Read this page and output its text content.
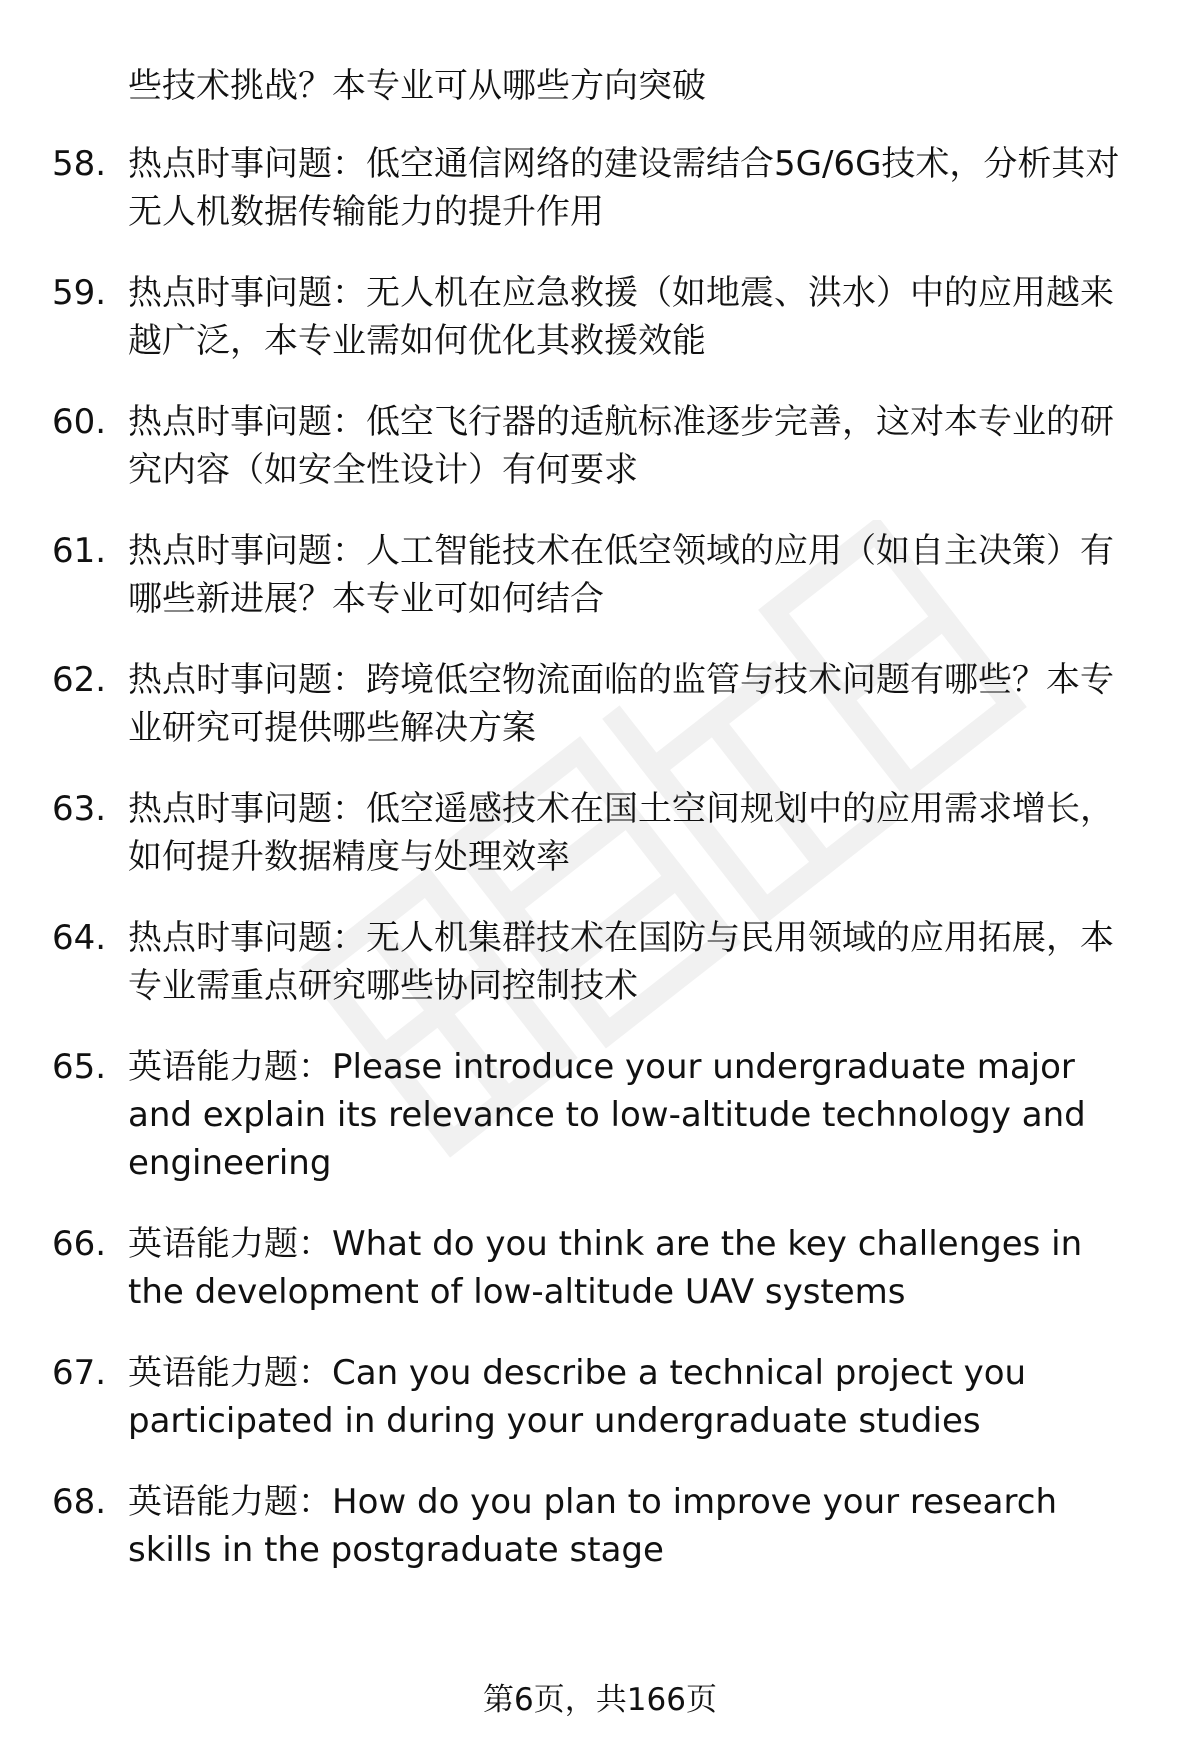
些技术挑战？本专业可从哪些方向突破
58. 热点时事问题：低空通信网络的建设需结合5G/6G技术，分析其对无人机数据传输能力的提升作用
59. 热点时事问题：无人机在应急救援（如地震、洪水）中的应用越来越广泛，本专业需如何优化其救援效能
60. 热点时事问题：低空飞行器的适航标准逐步完善，这对本专业的研究内容（如安全性设计）有何要求
61. 热点时事问题：人工智能技术在低空领域的应用（如自主决策）有哪些新进展？本专业可如何结合
62. 热点时事问题：跨境低空物流面临的监管与技术问题有哪些？本专业研究可提供哪些解决方案
63. 热点时事问题：低空遥感技术在国土空间规划中的应用需求增长，如何提升数据精度与处理效率
64. 热点时事问题：无人机集群技术在国防与民用领域的应用拓展，本专业需重点研究哪些协同控制技术
65. 英语能力题：Please introduce your undergraduate major and explain its relevance to low-altitude technology and engineering
66. 英语能力题：What do you think are the key challenges in the development of low-altitude UAV systems
67. 英语能力题：Can you describe a technical project you participated in during your undergraduate studies
68. 英语能力题：How do you plan to improve your research skills in the postgraduate stage
第6页，共166页
